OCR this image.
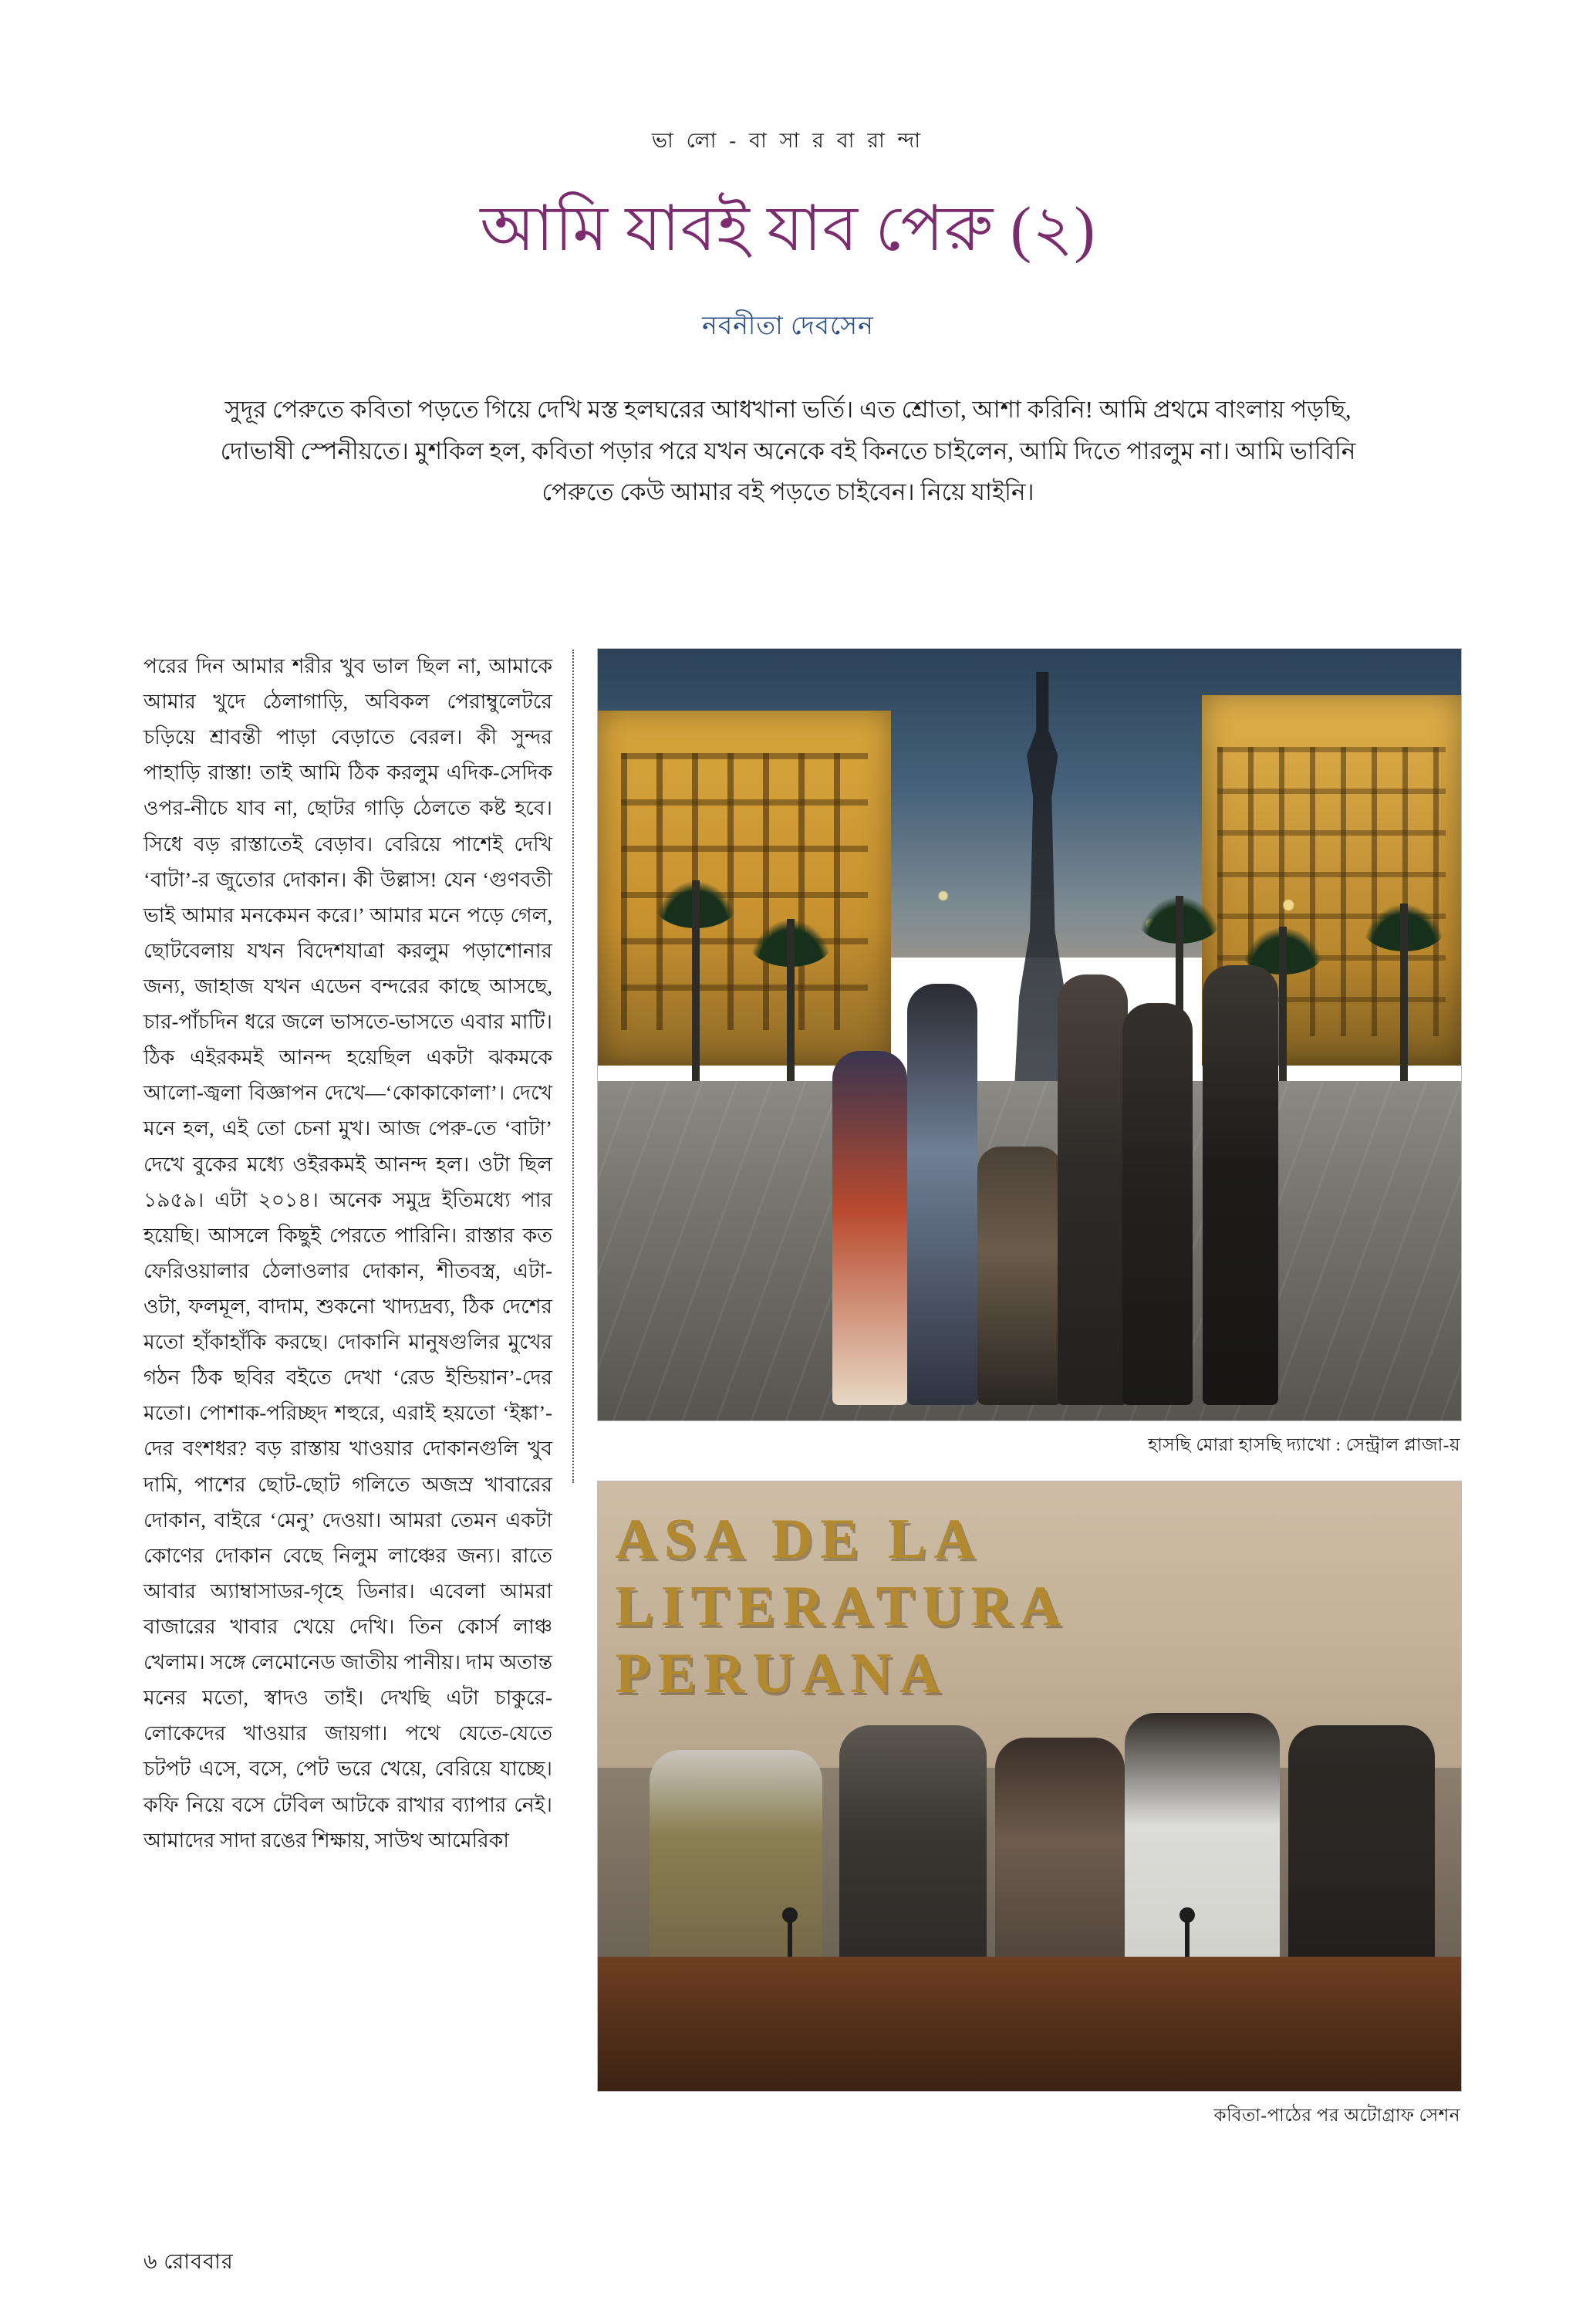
ভা লো - বা সা র বা রা ন্দা
আমি যাবই যাব পেরু (২)
নবনীতা দেবসেন
সুদূর পেরুতে কবিতা পড়তে গিয়ে দেখি মস্ত হলঘরের আধখানা ভর্তি। এত শ্রোতা, আশা করিনি! আমি প্রথমে বাংলায় পড়ছি, দোভাষী স্পেনীয়তে। মুশকিল হল, কবিতা পড়ার পরে যখন অনেকে বই কিনতে চাইলেন, আমি দিতে পারলুম না। আমি ভাবিনি পেরুতে কেউ আমার বই পড়তে চাইবেন। নিয়ে যাইনি।

পরের দিন আমার শরীর খুব ভাল ছিল না, আমাকে আমার খুদে ঠেলাগাড়ি, অবিকল পেরাম্বুলেটরে চড়িয়ে শ্রাবন্তী পাড়া বেড়াতে বেরল। কী সুন্দর পাহাড়ি রাস্তা! তাই আমি ঠিক করলুম এদিক-সেদিক ওপর-নীচে যাব না, ছোটর গাড়ি ঠেলতে কষ্ট হবে। সিধে বড় রাস্তাতেই বেড়াব। বেরিয়ে পাশেই দেখি ‘বাটা’-র জুতোর দোকান। কী উল্লাস! যেন ‘গুণবতী ভাই আমার মনকেমন করে।’ আমার মনে পড়ে গেল, ছোটবেলায় যখন বিদেশযাত্রা করলুম পড়াশোনার জন্য, জাহাজ যখন এডেন বন্দরের কাছে আসছে, চার-পাঁচদিন ধরে জলে ভাসতে-ভাসতে এবার মাটি। ঠিক এইরকমই আনন্দ হয়েছিল একটা ঝকমকে আলো-জ্বলা বিজ্ঞাপন দেখে—‘কোকাকোলা’। দেখে মনে হল, এই তো চেনা মুখ। আজ পেরু-তে ‘বাটা’ দেখে বুকের মধ্যে ওইরকমই আনন্দ হল। ওটা ছিল ১৯৫৯। এটা ২০১৪। অনেক সমুদ্র ইতিমধ্যে পার হয়েছি। আসলে কিছুই পেরতে পারিনি। রাস্তার কত ফেরিওয়ালার ঠেলাওলার দোকান, শীতবস্ত্র, এটা-ওটা, ফলমূল, বাদাম, শুকনো খাদ্যদ্রব্য, ঠিক দেশের মতো হাঁকাহাঁকি করছে। দোকানি মানুষগুলির মুখের গঠন ঠিক ছবির বইতে দেখা ‘রেড ইন্ডিয়ান’-দের মতো। পোশাক-পরিচ্ছদ শহুরে, এরাই হয়তো ‘ইঙ্কা’-দের বংশধর? বড় রাস্তায় খাওয়ার দোকানগুলি খুব দামি, পাশের ছোট-ছোট গলিতে অজস্র খাবারের দোকান, বাইরে ‘মেনু’ দেওয়া। আমরা তেমন একটা কোণের দোকান বেছে নিলুম লাঞ্চের জন্য। রাতে আবার অ্যাম্বাসাডর-গৃহে ডিনার। এবেলা আমরা বাজারের খাবার খেয়ে দেখি। তিন কোর্স লাঞ্চ খেলাম। সঙ্গে লেমোনেড জাতীয় পানীয়। দাম অতান্ত মনের মতো, স্বাদও তাই। দেখছি এটা চাকুরে-লোকেদের খাওয়ার জায়গা। পথে যেতে-যেতে চটপট এসে, বসে, পেট ভরে খেয়ে, বেরিয়ে যাচ্ছে। কফি নিয়ে বসে টেবিল আটকে রাখার ব্যাপার নেই। আমাদের সাদা রঙের শিক্ষায়, সাউথ আমেরিকা

হাসছি মোরা হাসছি দ্যাখো : সেন্ট্রাল প্লাজা-য়
ASA DE LA
LITERATURA
PERUANA
কবিতা-পাঠের পর অটোগ্রাফ সেশন
৬ রোববার
